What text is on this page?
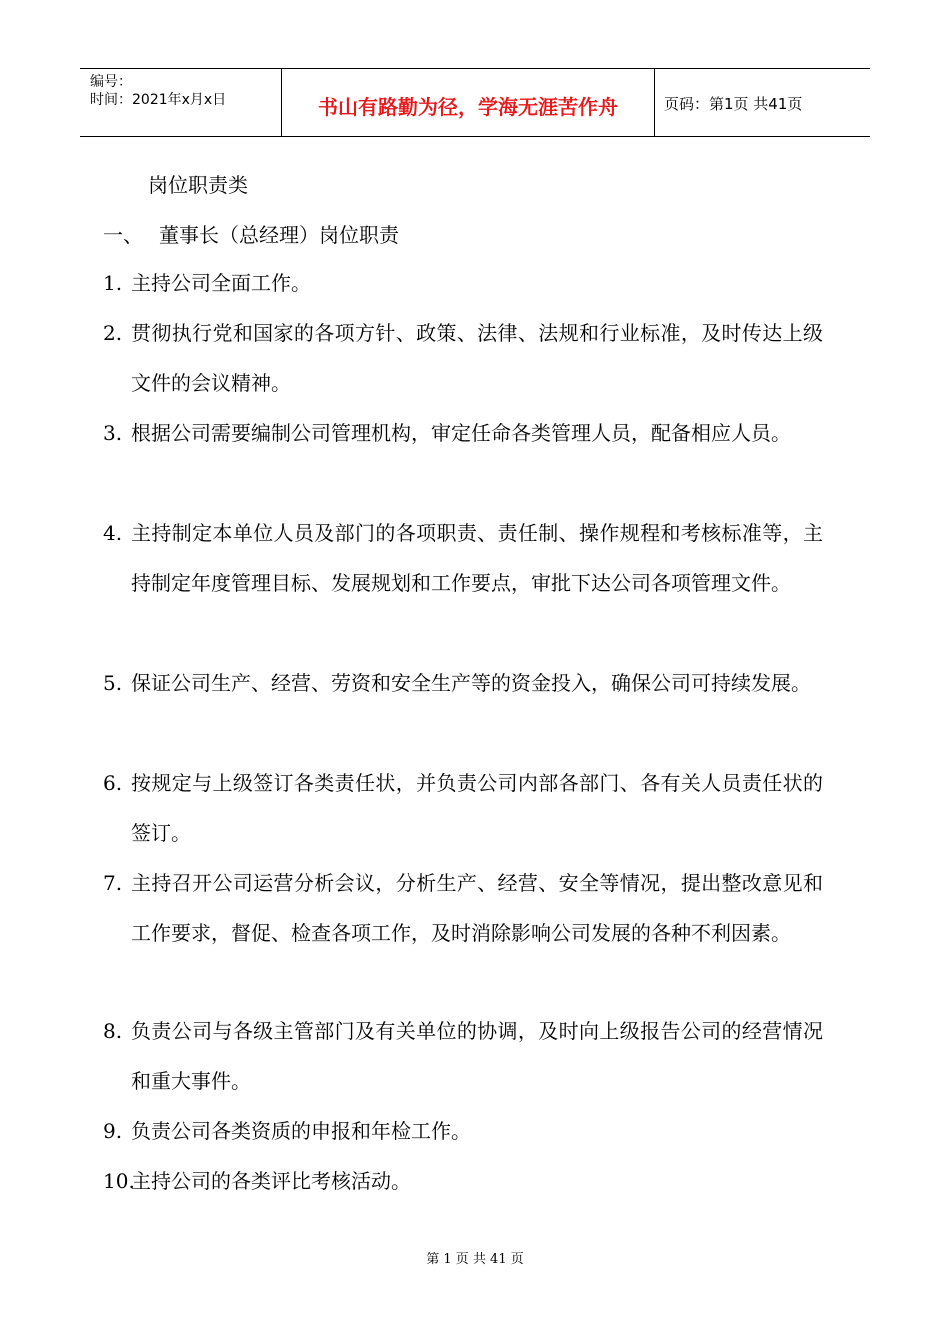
编号：
时间：2021年x月x日	书山有路勤为径，学海无涯苦作舟	页码：第1页 共41页
岗位职责类
一、 董事长（总经理）岗位职责
1. 主持公司全面工作。
2. 贯彻执行党和国家的各项方针、政策、法律、法规和行业标准，及时传达上级文件的会议精神。
3. 根据公司需要编制公司管理机构，审定任命各类管理人员，配备相应人员。
4. 主持制定本单位人员及部门的各项职责、责任制、操作规程和考核标准等，主持制定年度管理目标、发展规划和工作要点，审批下达公司各项管理文件。
5. 保证公司生产、经营、劳资和安全生产等的资金投入，确保公司可持续发展。
6. 按规定与上级签订各类责任状，并负责公司内部各部门、各有关人员责任状的签订。
7. 主持召开公司运营分析会议，分析生产、经营、安全等情况，提出整改意见和工作要求，督促、检查各项工作，及时消除影响公司发展的各种不利因素。
8. 负责公司与各级主管部门及有关单位的协调，及时向上级报告公司的经营情况和重大事件。
9. 负责公司各类资质的申报和年检工作。
10.
主持公司的各类评比考核活动。
第 1 页 共 41 页
